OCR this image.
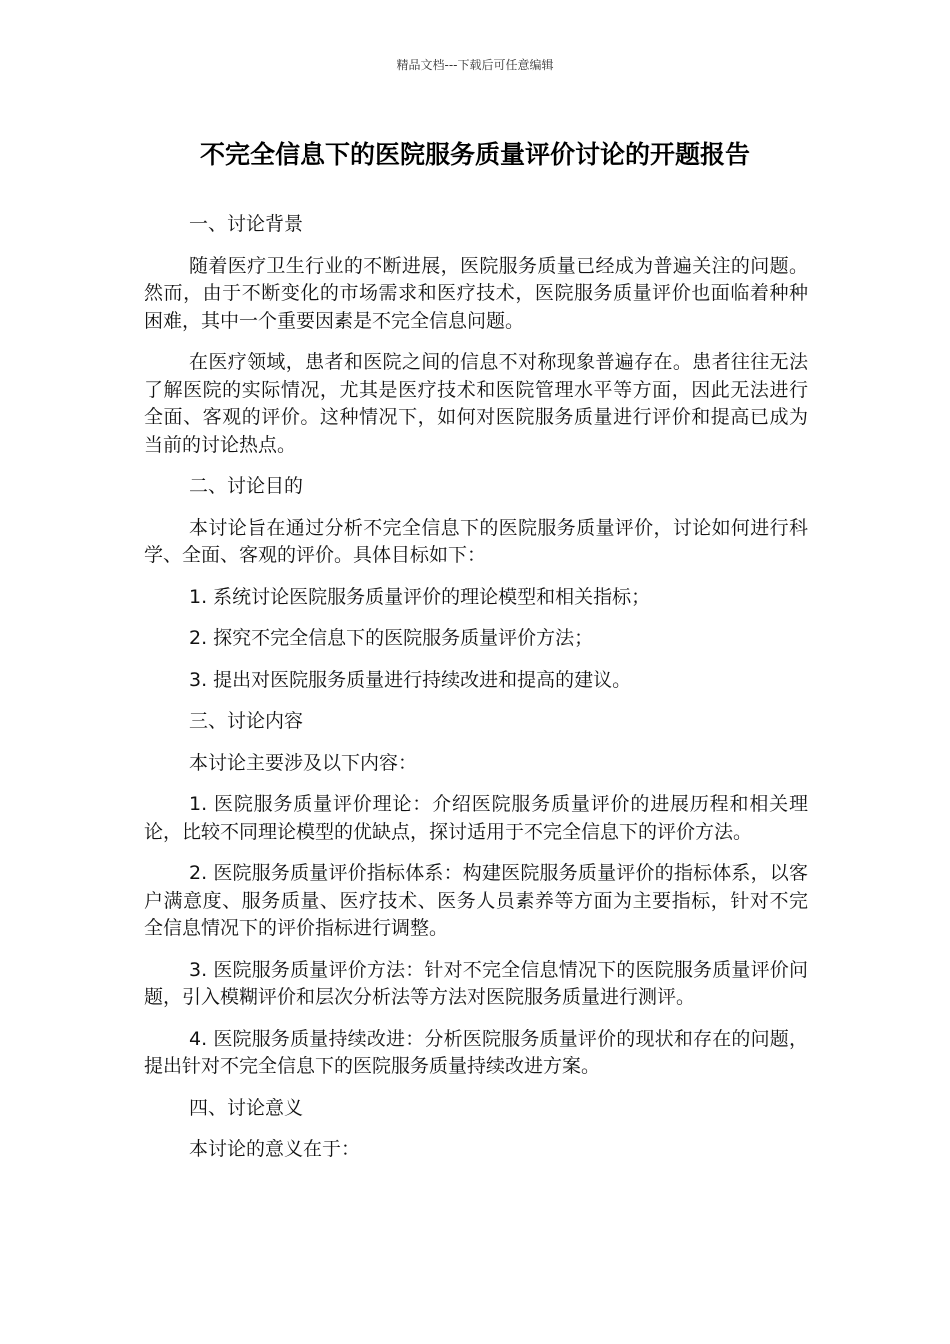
精品文档---下载后可任意编辑
不完全信息下的医院服务质量评价讨论的开题报告

一、讨论背景

随着医疗卫生行业的不断进展，医院服务质量已经成为普遍关注的问题。然而，由于不断变化的市场需求和医疗技术，医院服务质量评价也面临着种种困难，其中一个重要因素是不完全信息问题。

在医疗领域，患者和医院之间的信息不对称现象普遍存在。患者往往无法了解医院的实际情况，尤其是医疗技术和医院管理水平等方面，因此无法进行全面、客观的评价。这种情况下，如何对医院服务质量进行评价和提高已成为当前的讨论热点。

二、讨论目的

本讨论旨在通过分析不完全信息下的医院服务质量评价，讨论如何进行科学、全面、客观的评价。具体目标如下：

1. 系统讨论医院服务质量评价的理论模型和相关指标；

2. 探究不完全信息下的医院服务质量评价方法；

3. 提出对医院服务质量进行持续改进和提高的建议。

三、讨论内容

本讨论主要涉及以下内容：

1. 医院服务质量评价理论：介绍医院服务质量评价的进展历程和相关理论，比较不同理论模型的优缺点，探讨适用于不完全信息下的评价方法。

2. 医院服务质量评价指标体系：构建医院服务质量评价的指标体系，以客户满意度、服务质量、医疗技术、医务人员素养等方面为主要指标，针对不完全信息情况下的评价指标进行调整。

3. 医院服务质量评价方法：针对不完全信息情况下的医院服务质量评价问题，引入模糊评价和层次分析法等方法对医院服务质量进行测评。

4. 医院服务质量持续改进：分析医院服务质量评价的现状和存在的问题，提出针对不完全信息下的医院服务质量持续改进方案。

四、讨论意义

本讨论的意义在于：
